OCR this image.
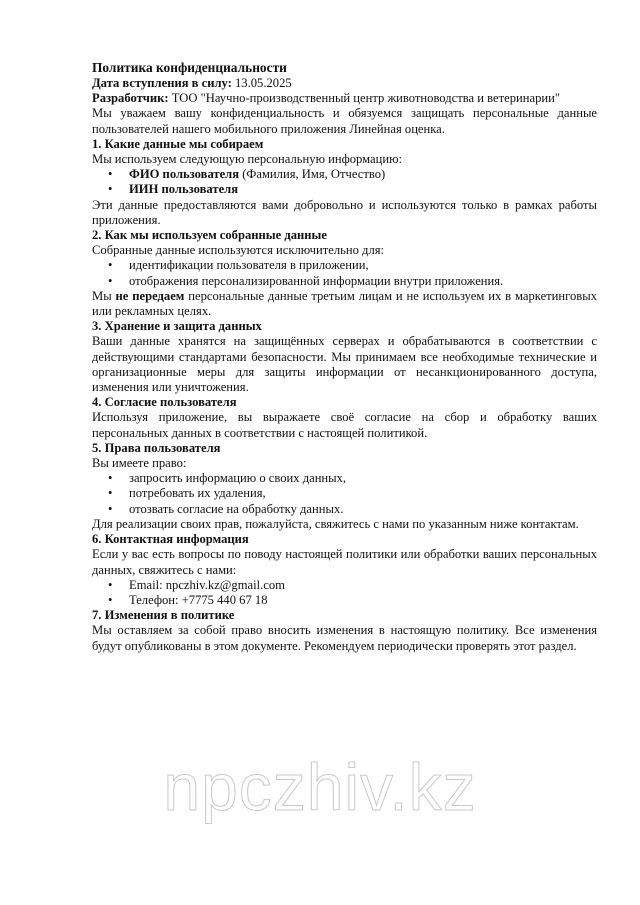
Политика конфиденциальности

Дата вступления в силу: 13.05.2025

Разработчик: ТОО "Научно-производственный центр животноводства и ветеринарии"

Мы уважаем вашу конфиденциальность и обязуемся защищать персональные данные пользователей нашего мобильного приложения Линейная оценка.

1. Какие данные мы собираем

Мы используем следующую персональную информацию:

• ФИО пользователя (Фамилия, Имя, Отчество)
• ИИН пользователя

Эти данные предоставляются вами добровольно и используются только в рамках работы приложения.

2. Как мы используем собранные данные

Собранные данные используются исключительно для:

• идентификации пользователя в приложении,
• отображения персонализированной информации внутри приложения.

Мы не передаем персональные данные третьим лицам и не используем их в маркетинговых или рекламных целях.

3. Хранение и защита данных

Ваши данные хранятся на защищённых серверах и обрабатываются в соответствии с действующими стандартами безопасности. Мы принимаем все необходимые технические и организационные меры для защиты информации от несанкционированного доступа, изменения или уничтожения.

4. Согласие пользователя

Используя приложение, вы выражаете своё согласие на сбор и обработку ваших персональных данных в соответствии с настоящей политикой.

5. Права пользователя

Вы имеете право:

• запросить информацию о своих данных,
• потребовать их удаления,
• отозвать согласие на обработку данных.

Для реализации своих прав, пожалуйста, свяжитесь с нами по указанным ниже контактам.

6. Контактная информация

Если у вас есть вопросы по поводу настоящей политики или обработки ваших персональных данных, свяжитесь с нами:

• Email: npczhiv.kz@gmail.com
• Телефон: +7775 440 67 18

7. Изменения в политике

Мы оставляем за собой право вносить изменения в настоящую политику. Все изменения будут опубликованы в этом документе. Рекомендуем периодически проверять этот раздел.

npczhiv.kz
